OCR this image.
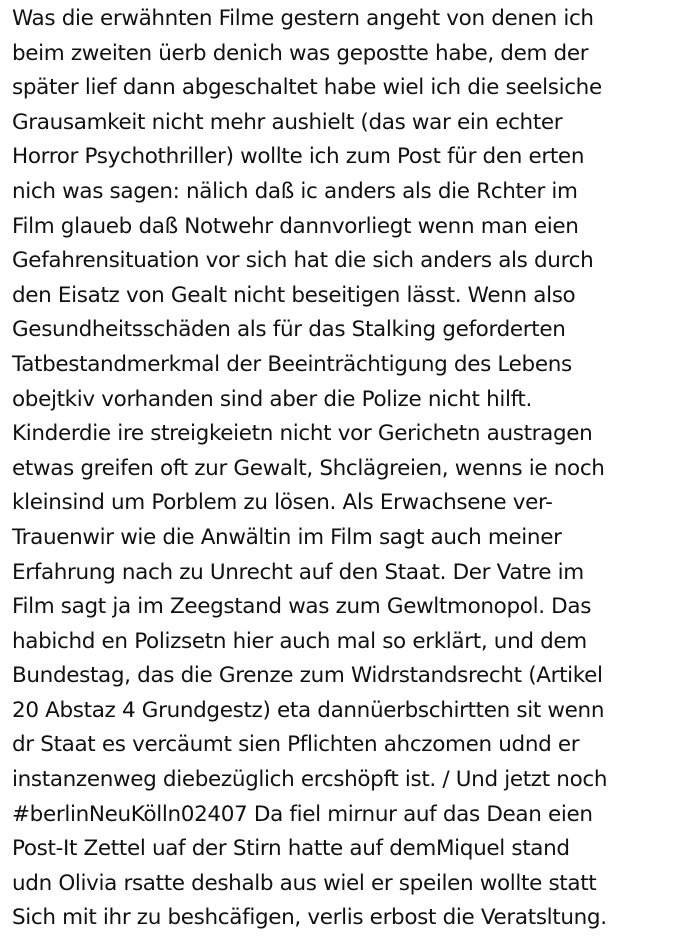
Was die erwähnten Filme gestern angeht von denen ich
beim zweiten üerb denich was gepostte habe, dem der
später lief dann abgeschaltet habe wiel ich die seelsiche
Grausamkeit nicht mehr aushielt (das war ein echter
Horror Psychothriller) wollte ich zum Post für den erten
nich was sagen: nälich daß ic anders als die Rchter im
Film glaueb daß Notwehr dannvorliegt wenn man eien
Gefahrensituation vor sich hat die sich anders als durch
den Eisatz von Gealt nicht beseitigen lässt. Wenn also
Gesundheitsschäden als für das Stalking geforderten
Tatbestandmerkmal der Beeinträchtigung des Lebens
obejtkiv vorhanden sind aber die Polize nicht hilft.
Kinderdie ire streigkeietn nicht vor Gerichetn austragen
etwas greifen oft zur Gewalt, Shclägreien, wenns ie noch
kleinsind um Porblem zu lösen. Als Erwachsene ver-
Trauenwir wie die Anwältin im Film sagt auch meiner
Erfahrung nach zu Unrecht auf den Staat. Der Vatre im
Film sagt ja im Zeegstand was zum Gewltmonopol. Das
habichd en Polizsetn hier auch mal so erklärt, und dem
Bundestag, das die Grenze zum Widrstandsrecht (Artikel
20 Abstaz 4 Grundgestz) eta dannüerbschirtten sit wenn
dr Staat es vercäumt sien Pflichten ahczomen udnd er
instanzenweg diebezüglich ercshöpft ist. / Und jetzt noch
#berlinNeuKölln02407 Da fiel mirnur auf das Dean eien
Post-It Zettel uaf der Stirn hatte auf demMiquel stand
udn Olivia rsatte deshalb aus wiel er speilen wollte statt
Sich mit ihr zu beshcäfigen, verlis erbost die Veratsltung.
